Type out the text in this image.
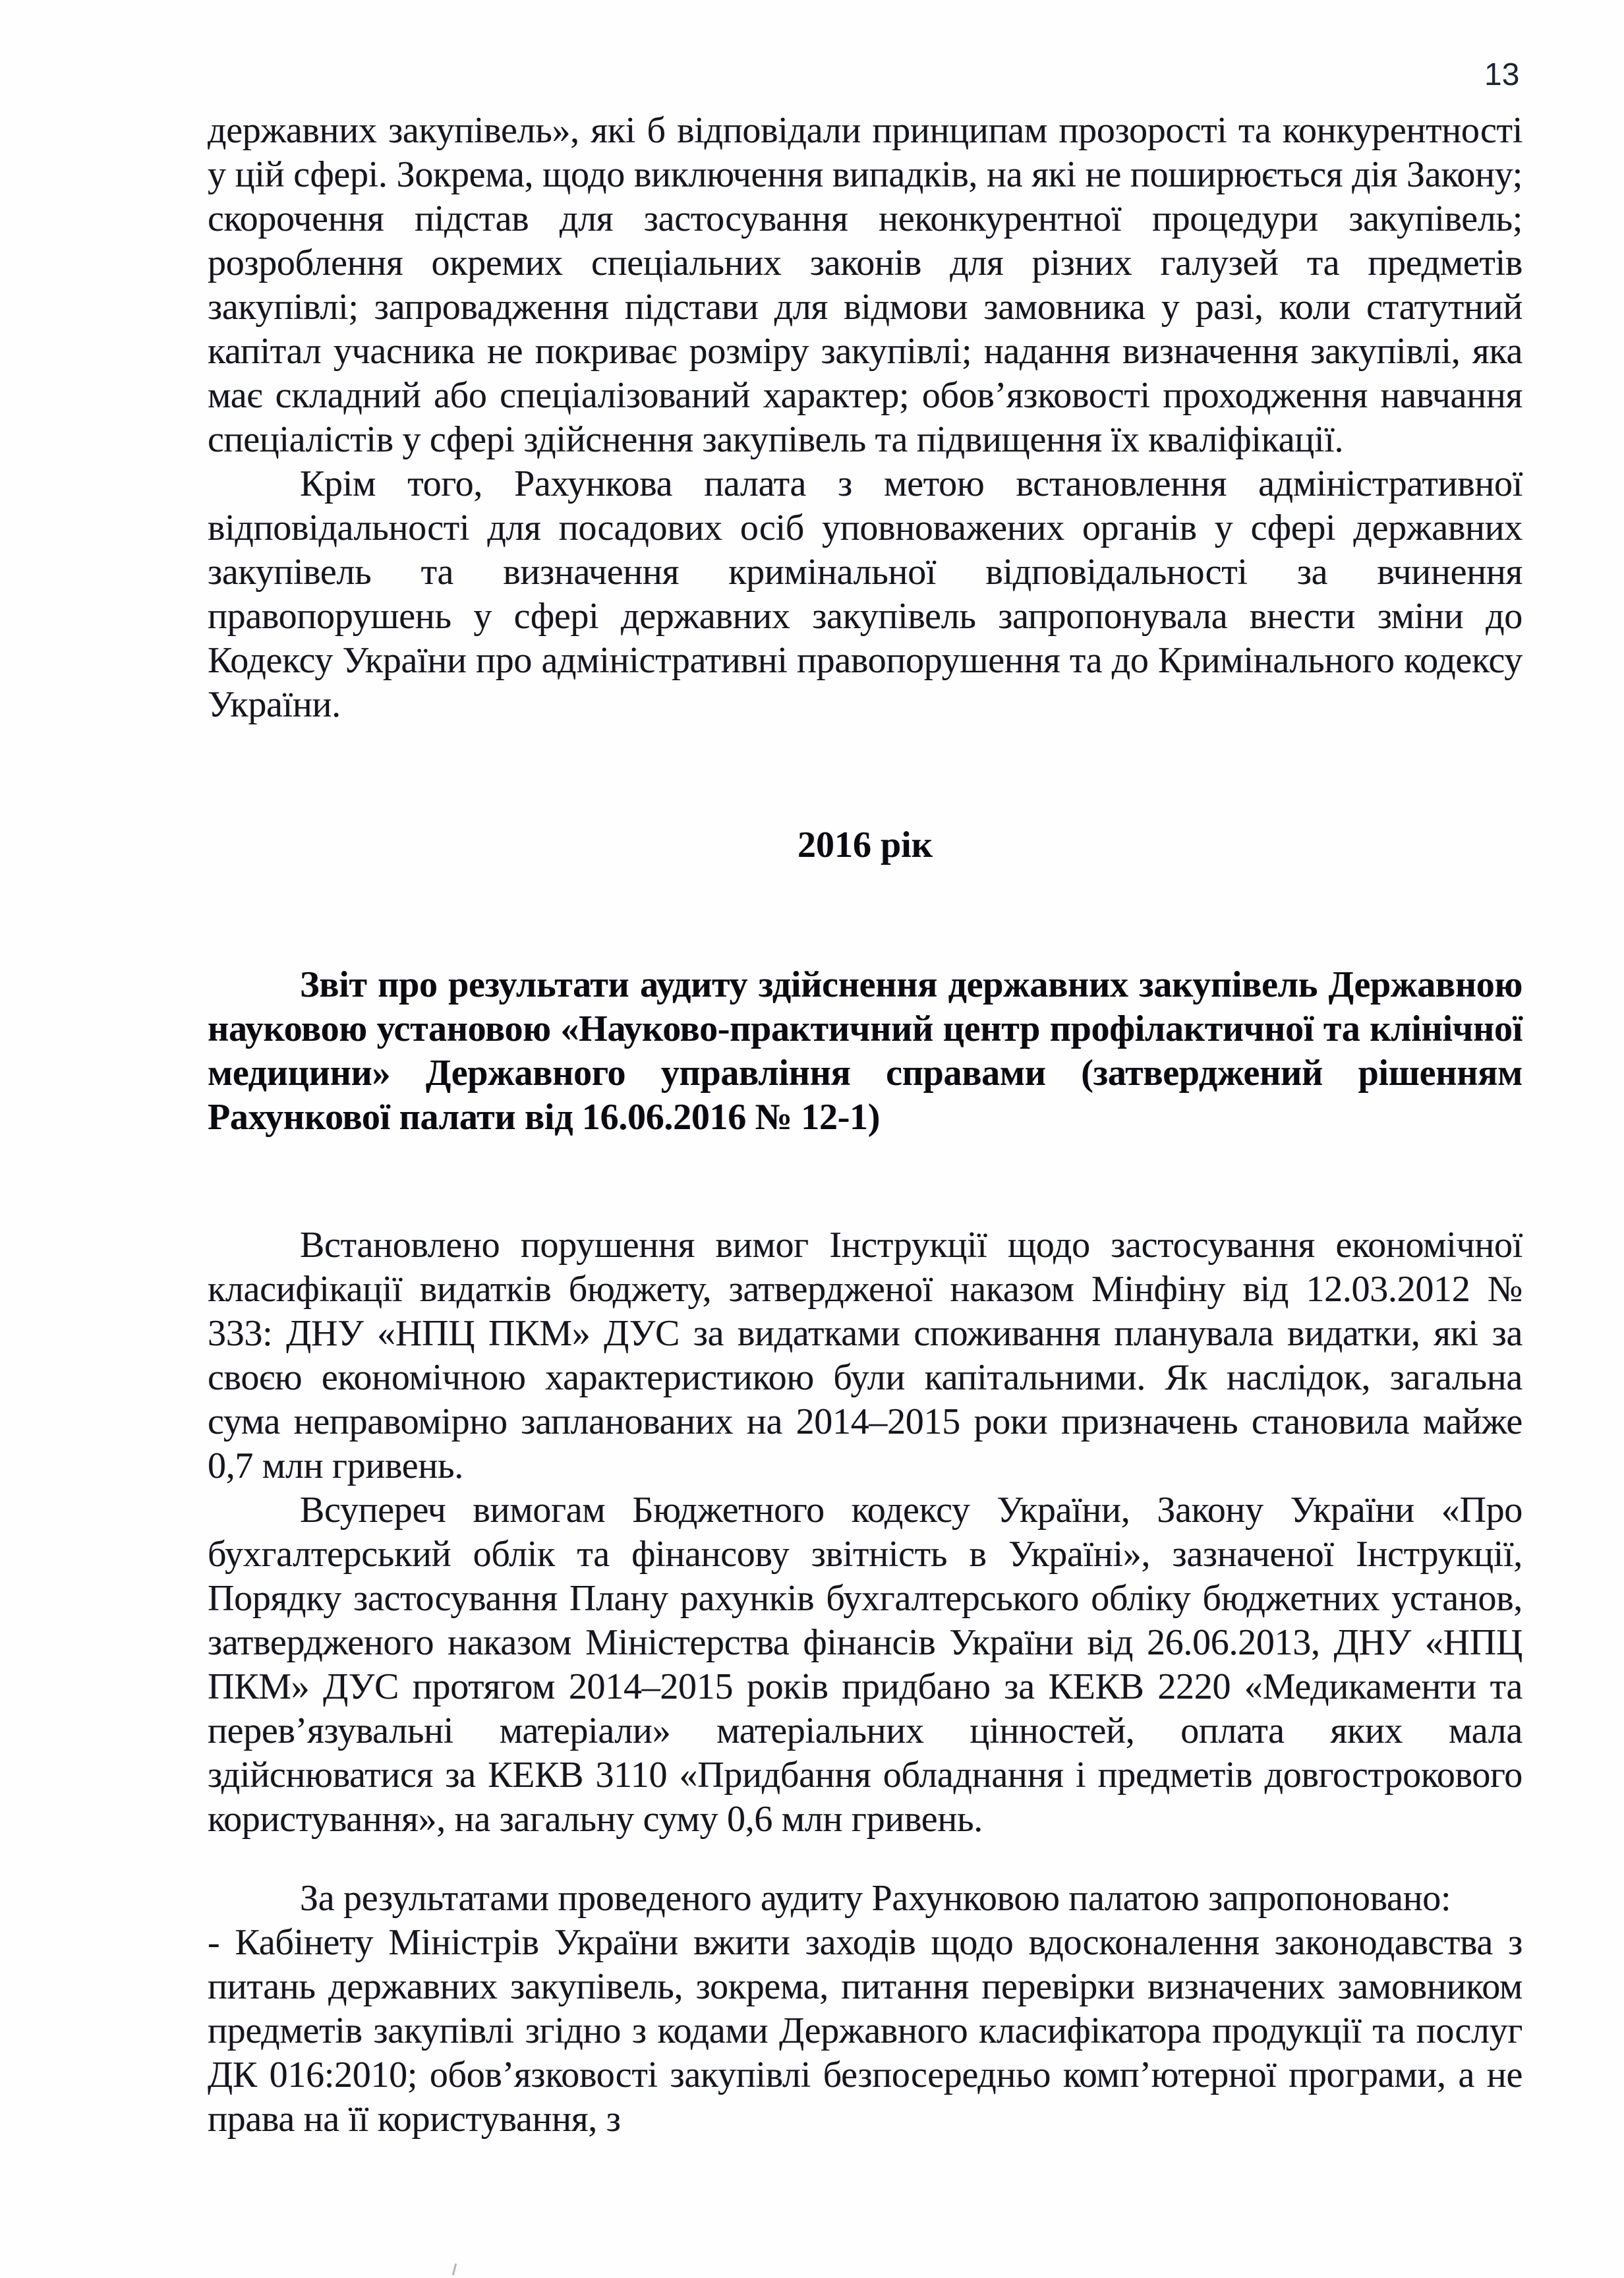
13

державних закупівель», які б відповідали принципам прозорості та конкурентності у цій сфері. Зокрема, щодо виключення випадків, на які не поширюється дія Закону; скорочення підстав для застосування неконкурентної процедури закупівель; розроблення окремих спеціальних законів для різних галузей та предметів закупівлі; запровадження підстави для відмови замовника у разі, коли статутний капітал учасника не покриває розміру закупівлі; надання визначення закупівлі, яка має складний або спеціалізований характер; обов’язковості проходження навчання спеціалістів у сфері здійснення закупівель та підвищення їх кваліфікації.

Крім того, Рахункова палата з метою встановлення адміністративної відповідальності для посадових осіб уповноважених органів у сфері державних закупівель та визначення кримінальної відповідальності за вчинення правопорушень у сфері державних закупівель запропонувала внести зміни до Кодексу України про адміністративні правопорушення та до Кримінального кодексу України.

2016 рік

Звіт про результати аудиту здійснення державних закупівель Державною науковою установою «Науково-практичний центр профілактичної та клінічної медицини» Державного управління справами (затверджений рішенням Рахункової палати від 16.06.2016 № 12-1)

Встановлено порушення вимог Інструкції щодо застосування економічної класифікації видатків бюджету, затвердженої наказом Мінфіну від 12.03.2012 № 333: ДНУ «НПЦ ПКМ» ДУС за видатками споживання планувала видатки, які за своєю економічною характеристикою були капітальними. Як наслідок, загальна сума неправомірно запланованих на 2014–2015 роки призначень становила майже 0,7 млн гривень.

Всупереч вимогам Бюджетного кодексу України, Закону України «Про бухгалтерський облік та фінансову звітність в Україні», зазначеної Інструкції, Порядку застосування Плану рахунків бухгалтерського обліку бюджетних установ, затвердженого наказом Міністерства фінансів України від 26.06.2013, ДНУ «НПЦ ПКМ» ДУС протягом 2014–2015 років придбано за КЕКВ 2220 «Медикаменти та перев’язувальні матеріали» матеріальних цінностей, оплата яких мала здійснюватися за КЕКВ 3110 «Придбання обладнання і предметів довгострокового користування», на загальну суму 0,6 млн гривень.

За результатами проведеного аудиту Рахунковою палатою запропоновано:

- Кабінету Міністрів України вжити заходів щодо вдосконалення законодавства з питань державних закупівель, зокрема, питання перевірки визначених замовником предметів закупівлі згідно з кодами Державного класифікатора продукції та послуг ДК 016:2010; обов’язковості закупівлі безпосередньо комп’ютерної програми, а не права на її користування, з
